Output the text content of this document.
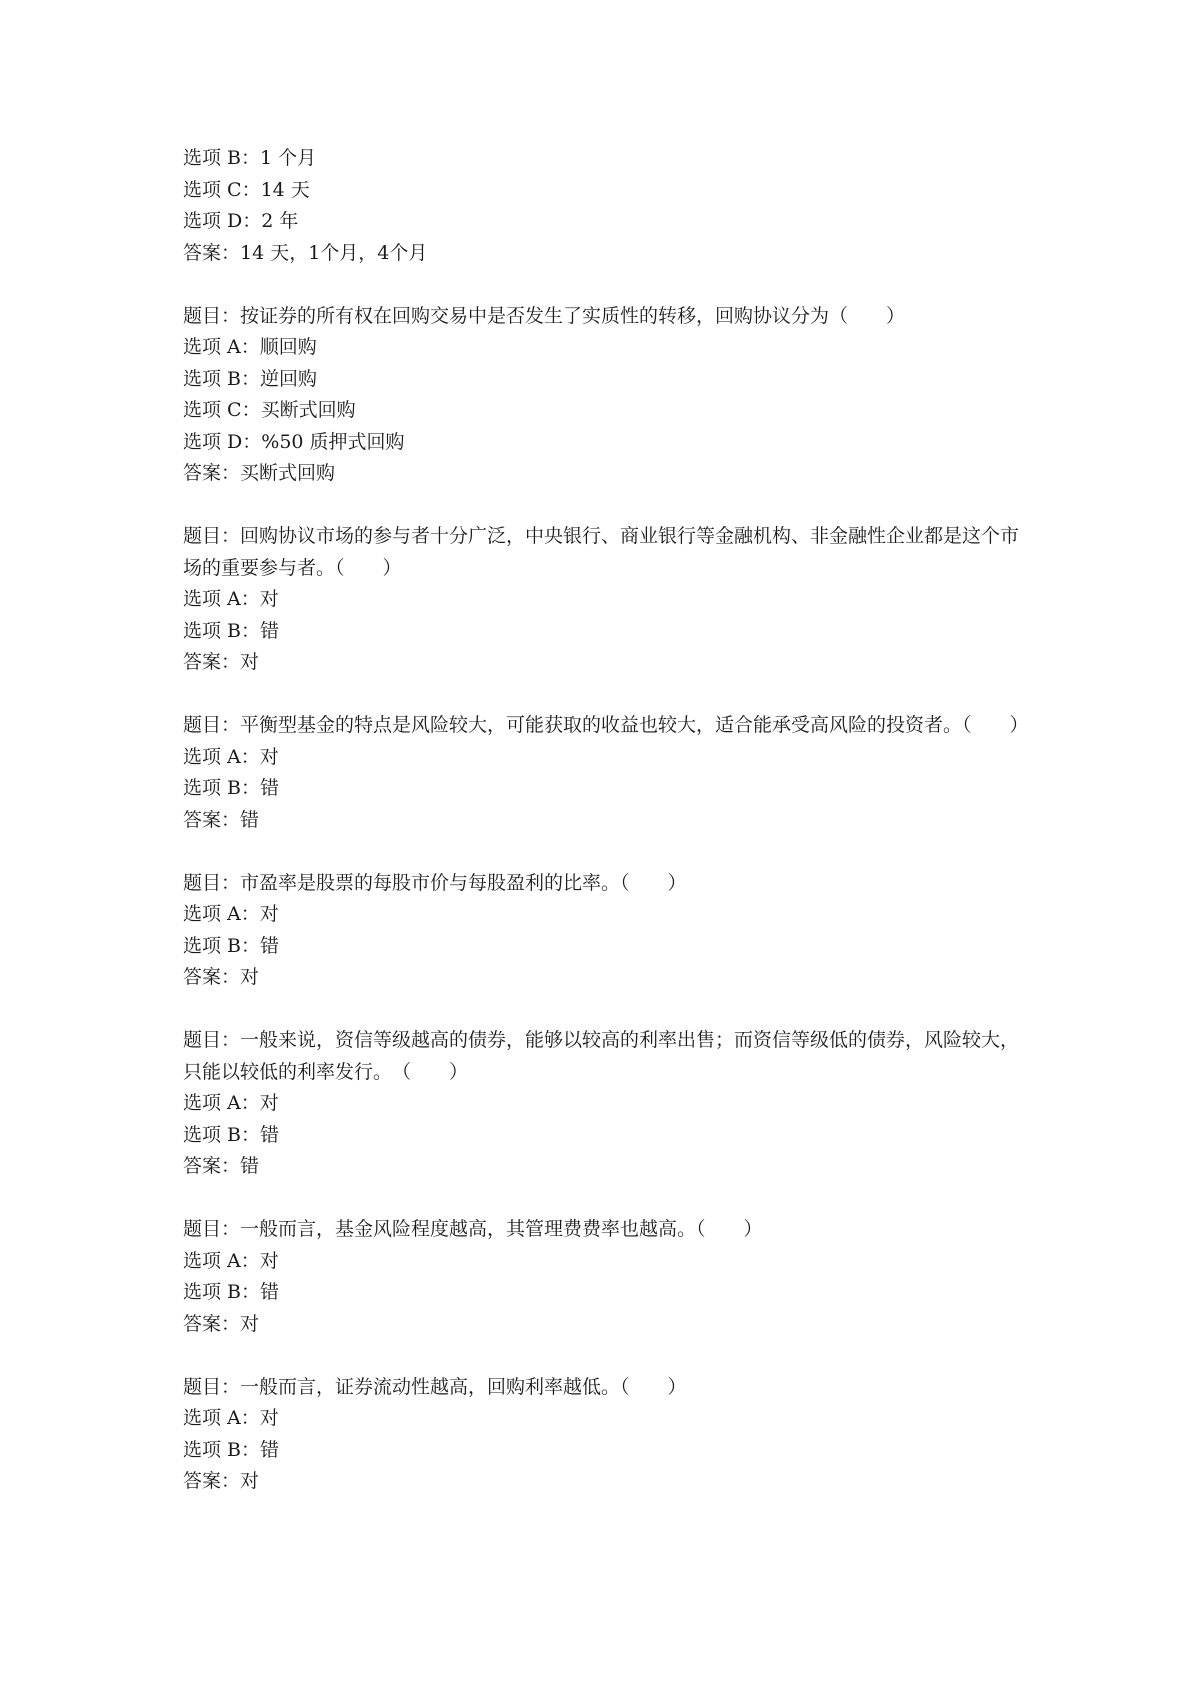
选项 B：1 个月
选项 C：14 天
选项 D：2 年
答案：14 天，1个月，4个月
题目：按证券的所有权在回购交易中是否发生了实质性的转移，回购协议分为（　　）
选项 A：顺回购
选项 B：逆回购
选项 C：买断式回购
选项 D：%50 质押式回购
答案：买断式回购
题目：回购协议市场的参与者十分广泛，中央银行、商业银行等金融机构、非金融性企业都是这个市场的重要参与者。（　　）
选项 A：对
选项 B：错
答案：对
题目：平衡型基金的特点是风险较大，可能获取的收益也较大，适合能承受高风险的投资者。（　　）
选项 A：对
选项 B：错
答案：错
题目：市盈率是股票的每股市价与每股盈利的比率。（　　）
选项 A：对
选项 B：错
答案：对
题目：一般来说，资信等级越高的债券，能够以较高的利率出售；而资信等级低的债券，风险较大，只能以较低的利率发行。　（　　）
选项 A：对
选项 B：错
答案：错
题目：一般而言，基金风险程度越高，其管理费费率也越高。（　　）
选项 A：对
选项 B：错
答案：对
题目：一般而言，证券流动性越高，回购利率越低。（　　）
选项 A：对
选项 B：错
答案：对
